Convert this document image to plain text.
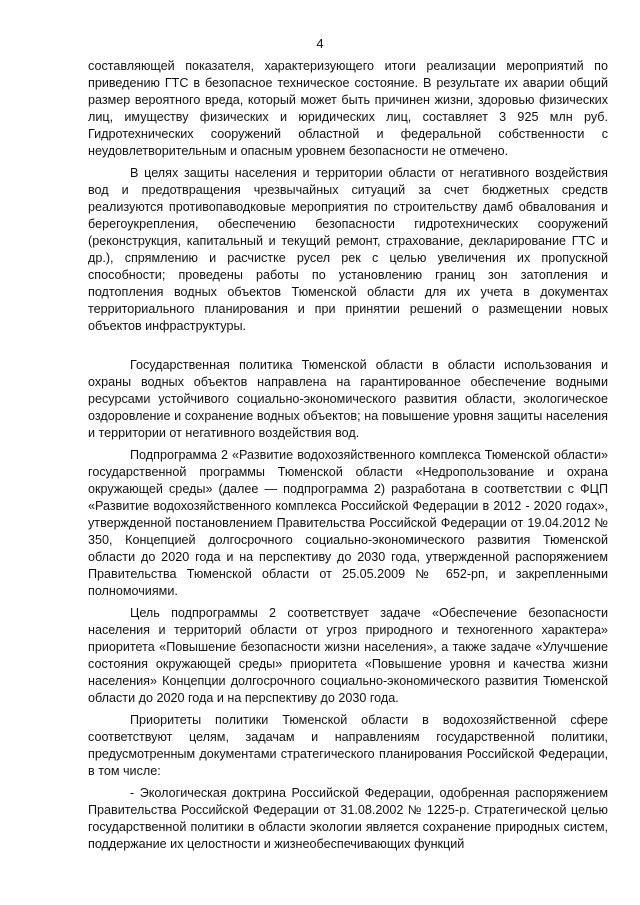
4

составляющей показателя, характеризующего итоги реализации мероприятий по приведению ГТС в безопасное техническое состояние. В результате их аварии общий размер вероятного вреда, который может быть причинен жизни, здоровью физических лиц, имуществу физических и юридических лиц, составляет 3 925 млн руб. Гидротехнических сооружений областной и федеральной собственности с неудовлетворительным и опасным уровнем безопасности не отмечено.

В целях защиты населения и территории области от негативного воздействия вод и предотвращения чрезвычайных ситуаций за счет бюджетных средств реализуются противопаводковые мероприятия по строительству дамб обвалования и берегоукрепления, обеспечению безопасности гидротехнических сооружений (реконструкция, капитальный и текущий ремонт, страхование, декларирование ГТС и др.), спрямлению и расчистке русел рек с целью увеличения их пропускной способности; проведены работы по установлению границ зон затопления и подтопления водных объектов Тюменской области для их учета в документах территориального планирования и при принятии решений о размещении новых объектов инфраструктуры.

Государственная политика Тюменской области в области использования и охраны водных объектов направлена на гарантированное обеспечение водными ресурсами устойчивого социально-экономического развития области, экологическое оздоровление и сохранение водных объектов; на повышение уровня защиты населения и территории от негативного воздействия вод.

Подпрограмма 2 «Развитие водохозяйственного комплекса Тюменской области» государственной программы Тюменской области «Недропользование и охрана окружающей среды» (далее — подпрограмма 2) разработана в соответствии с ФЦП «Развитие водохозяйственного комплекса Российской Федерации в 2012 - 2020 годах», утвержденной постановлением Правительства Российской Федерации от 19.04.2012 № 350, Концепцией долгосрочного социально-экономического развития Тюменской области до 2020 года и на перспективу до 2030 года, утвержденной распоряжением Правительства Тюменской области от 25.05.2009 № 652-рп, и закрепленными полномочиями.

Цель подпрограммы 2 соответствует задаче «Обеспечение безопасности населения и территорий области от угроз природного и техногенного характера» приоритета «Повышение безопасности жизни населения», а также задаче «Улучшение состояния окружающей среды» приоритета «Повышение уровня и качества жизни населения» Концепции долгосрочного социально-экономического развития Тюменской области до 2020 года и на перспективу до 2030 года.

Приоритеты политики Тюменской области в водохозяйственной сфере соответствуют целям, задачам и направлениям государственной политики, предусмотренным документами стратегического планирования Российской Федерации, в том числе:

- Экологическая доктрина Российской Федерации, одобренная распоряжением Правительства Российской Федерации от 31.08.2002 № 1225-р. Стратегической целью государственной политики в области экологии является сохранение природных систем, поддержание их целостности и жизнеобеспечивающих функций
